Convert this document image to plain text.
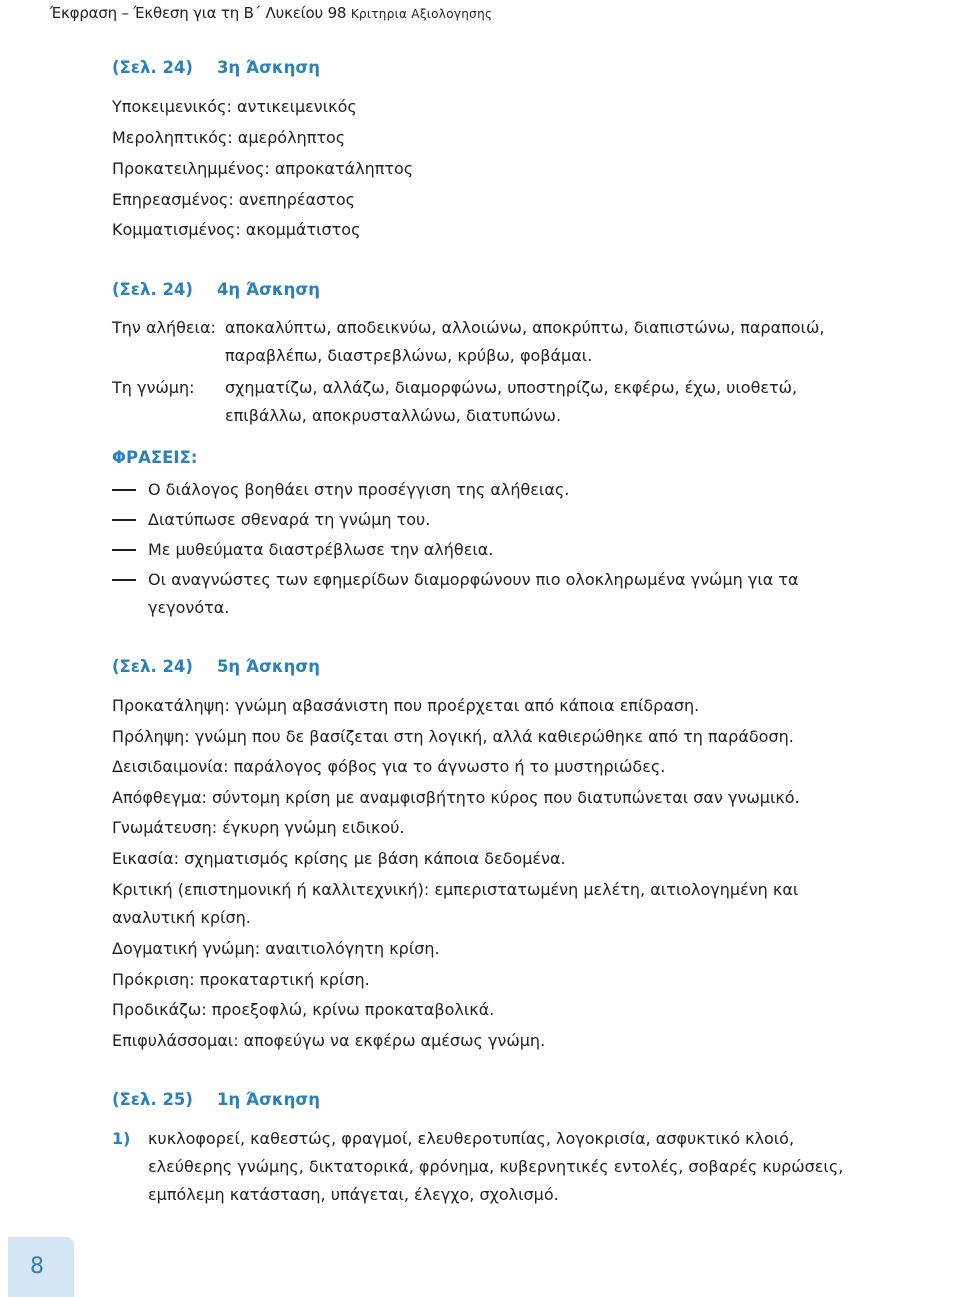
Έκφραση – Έκθεση για τη Β΄ Λυκείου 98 Κριτηρια Αξιολογησης
(Σελ. 24) 3η Άσκηση
Υποκειμενικός: αντικειμενικός
Μεροληπτικός: αμερόληπτος
Προκατειλημμένος: απροκατάληπτος
Επηρεασμένος: ανεπηρέαστος
Κομματισμένος: ακομμάτιστος
(Σελ. 24) 4η Άσκηση
Την αλήθεια: αποκαλύπτω, αποδεικνύω, αλλοιώνω, αποκρύπτω, διαπιστώνω, παραποιώ, παραβλέπω, διαστρεβλώνω, κρύβω, φοβάμαι.
Τη γνώμη: σχηματίζω, αλλάζω, διαμορφώνω, υποστηρίζω, εκφέρω, έχω, υιοθετώ, επιβάλλω, αποκρυσταλλώνω, διατυπώνω.
ΦΡΑΣΕΙΣ:
Ο διάλογος βοηθάει στην προσέγγιση της αλήθειας.
Διατύπωσε σθεναρά τη γνώμη του.
Με μυθεύματα διαστρέβλωσε την αλήθεια.
Οι αναγνώστες των εφημερίδων διαμορφώνουν πιο ολοκληρωμένα γνώμη για τα γεγονότα.
(Σελ. 24) 5η Άσκηση
Προκατάληψη: γνώμη αβασάνιστη που προέρχεται από κάποια επίδραση.
Πρόληψη: γνώμη που δε βασίζεται στη λογική, αλλά καθιερώθηκε από τη παράδοση.
Δεισιδαιμονία: παράλογος φόβος για το άγνωστο ή το μυστηριώδες.
Απόφθεγμα: σύντομη κρίση με αναμφισβήτητο κύρος που διατυπώνεται σαν γνωμικό.
Γνωμάτευση: έγκυρη γνώμη ειδικού.
Εικασία: σχηματισμός κρίσης με βάση κάποια δεδομένα.
Κριτική (επιστημονική ή καλλιτεχνική): εμπεριστατωμένη μελέτη, αιτιολογημένη και αναλυτική κρίση.
Δογματική γνώμη: αναιτιολόγητη κρίση.
Πρόκριση: προκαταρτική κρίση.
Προδικάζω: προεξοφλώ, κρίνω προκαταβολικά.
Επιφυλάσσομαι: αποφεύγω να εκφέρω αμέσως γνώμη.
(Σελ. 25) 1η Άσκηση
1) κυκλοφορεί, καθεστώς, φραγμοί, ελευθεροτυπίας, λογοκρισία, ασφυκτικό κλοιό, ελεύθερης γνώμης, δικτατορικά, φρόνημα, κυβερνητικές εντολές, σοβαρές κυρώσεις, εμπόλεμη κατάσταση, υπάγεται, έλεγχο, σχολισμό.
8
